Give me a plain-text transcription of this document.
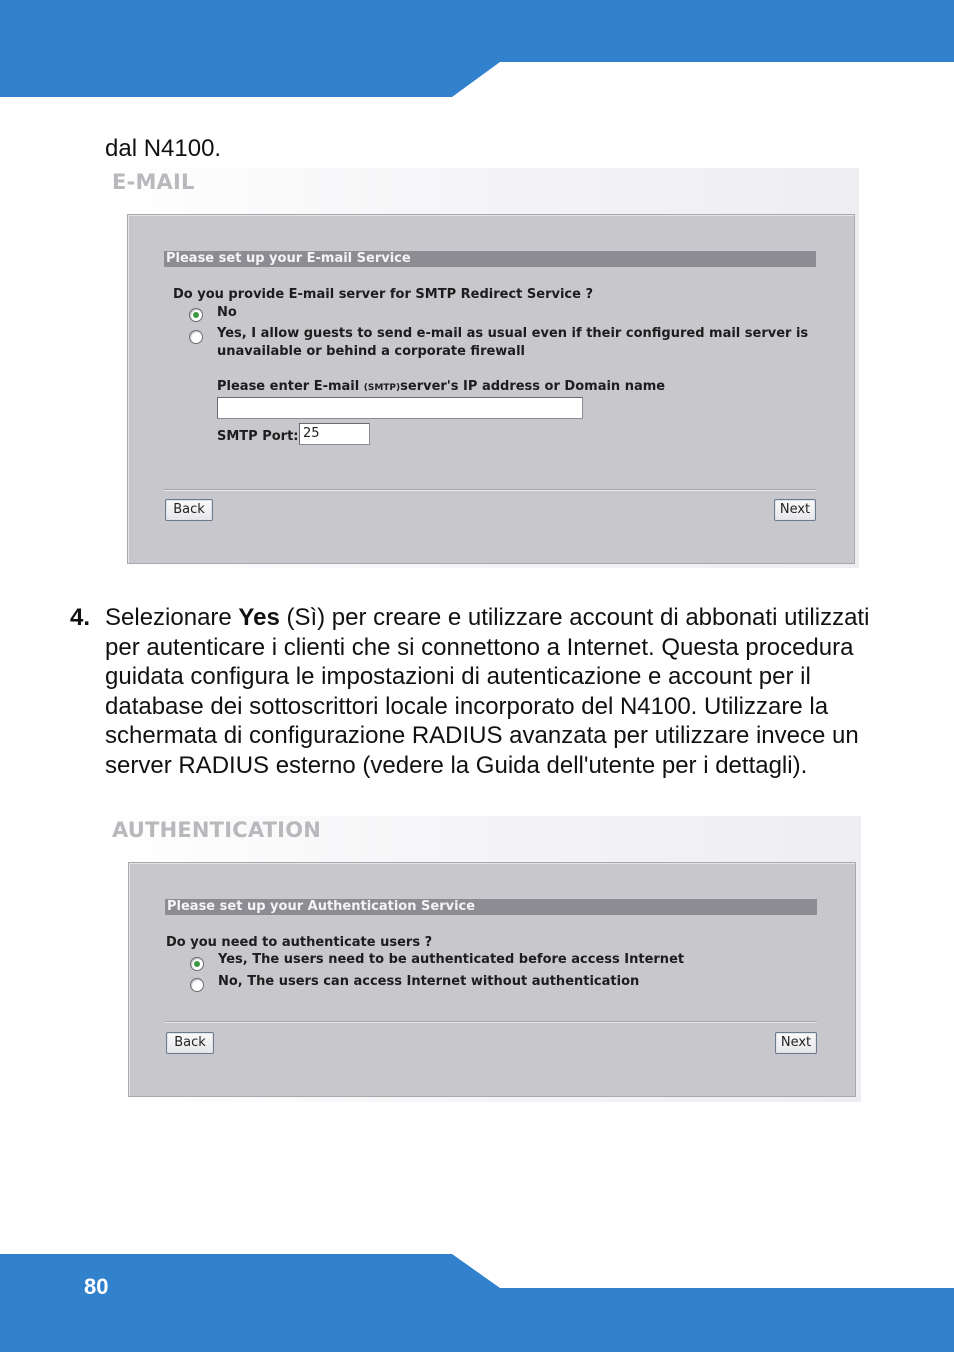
dal N4100.
E-MAIL
Please set up your E-mail Service
Do you provide E-mail server for SMTP Redirect Service ?
No
Yes, I allow guests to send e-mail as usual even if their configured mail server is
unavailable or behind a corporate firewall
Please enter E-mail (SMTP)server's IP address or Domain name
SMTP Port: 25
Back	Next
4. Selezionare Yes (Sì) per creare e utilizzare account di abbonati utilizzati per autenticare i clienti che si connettono a Internet. Questa procedura guidata configura le impostazioni di autenticazione e account per il database dei sottoscrittori locale incorporato del N4100. Utilizzare la schermata di configurazione RADIUS avanzata per utilizzare invece un server RADIUS esterno (vedere la Guida dell'utente per i dettagli).
AUTHENTICATION
Please set up your Authentication Service
Do you need to authenticate users ?
Yes, The users need to be authenticated before access Internet
No, The users can access Internet without authentication
Back	Next
80
